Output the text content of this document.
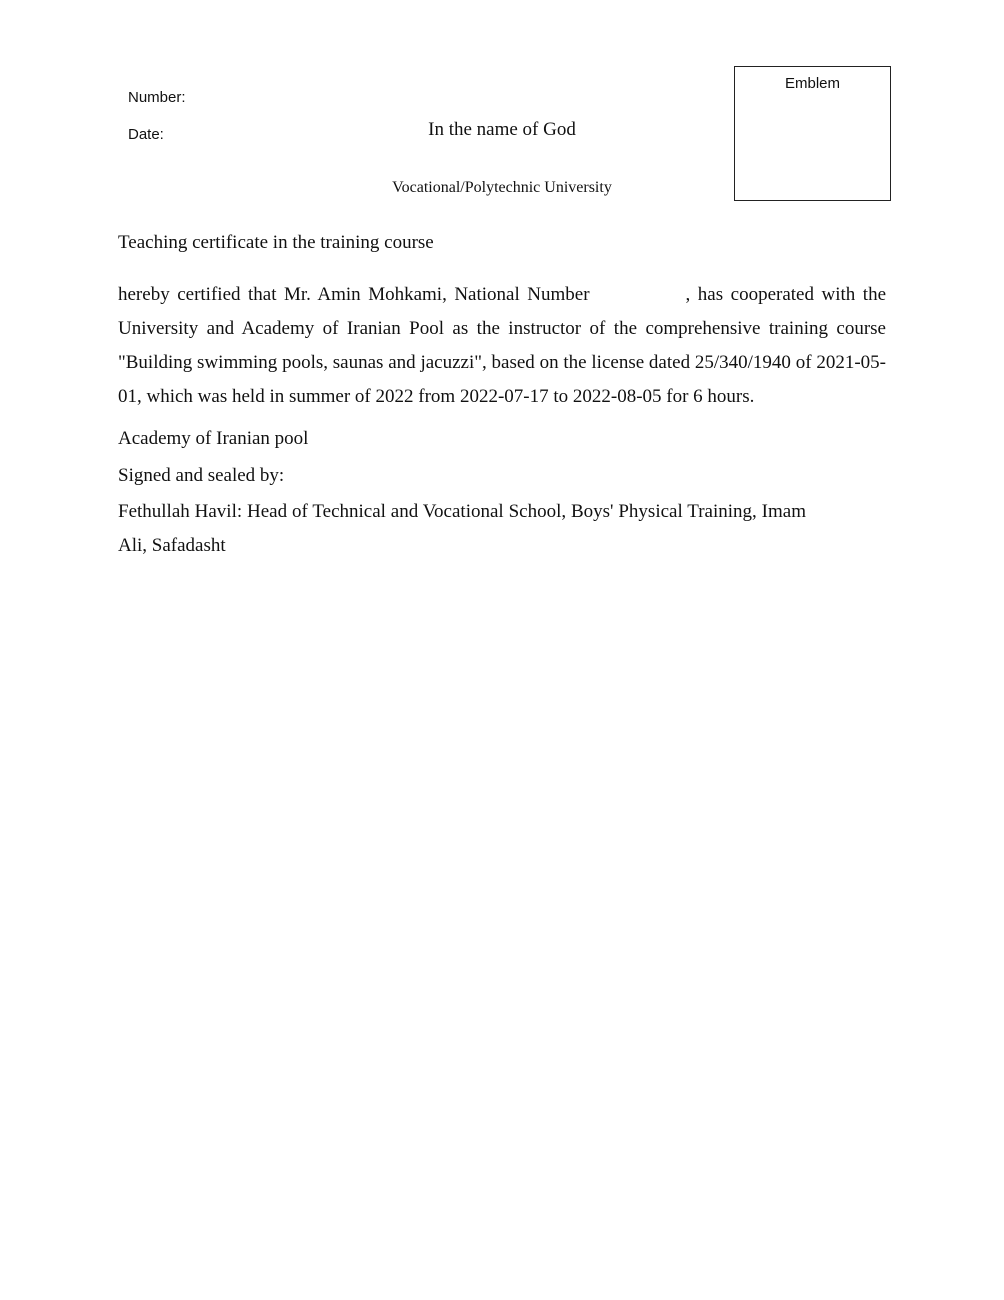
Number:
Date:	In the name of God
Vocational/Polytechnic University
Emblem
Teaching certificate in the training course

hereby certified that Mr. Amin Mohkami, National Number	, has cooperated with the University and Academy of Iranian Pool as the instructor of the comprehensive training course "Building swimming pools, saunas and jacuzzi", based on the license dated 25/340/1940 of 2021-05-01, which was held in summer of 2022 from 2022-07-17 to 2022-08-05 for 6 hours.

Academy of Iranian pool
Signed and sealed by:
Fethullah Havil: Head of Technical and Vocational School, Boys' Physical Training, Imam Ali, Safadasht
